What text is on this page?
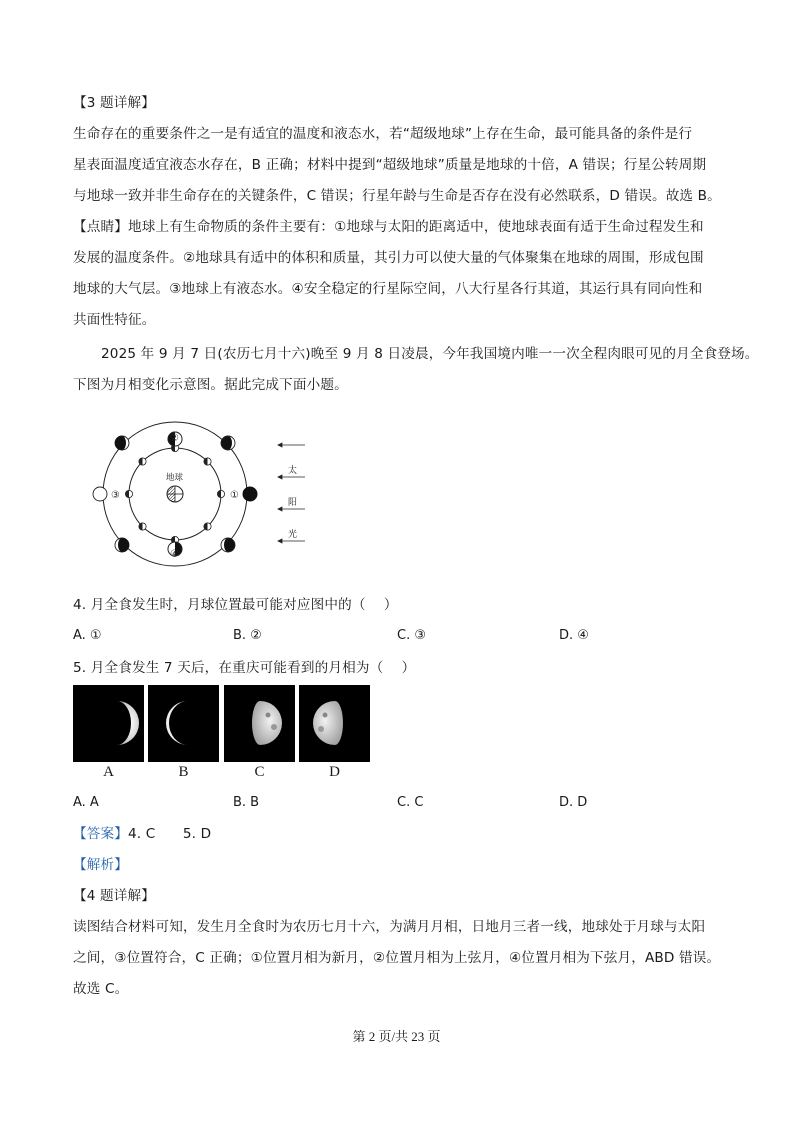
【3 题详解】
生命存在的重要条件之一是有适宜的温度和液态水，若“超级地球”上存在生命，最可能具备的条件是行
星表面温度适宜液态水存在，B 正确；材料中提到“超级地球”质量是地球的十倍，A 错误；行星公转周期
与地球一致并非生命存在的关键条件，C 错误；行星年龄与生命是否存在没有必然联系，D 错误。故选 B。
【点睛】地球上有生命物质的条件主要有：①地球与太阳的距离适中，使地球表面有适于生命过程发生和
发展的温度条件。②地球具有适中的体积和质量，其引力可以使大量的气体聚集在地球的周围，形成包围
地球的大气层。③地球上有液态水。④安全稳定的行星际空间，八大行星各行其道，其运行具有同向性和
共面性特征。
2025 年 9 月 7 日(农历七月十六)晚至 9 月 8 日凌晨，今年我国境内唯一一次全程肉眼可见的月全食登场。
下图为月相变化示意图。据此完成下面小题。
地球
①
②
③
④
太
阳
光
4. 月全食发生时，月球位置最可能对应图中的（　 ）
A. ①	B. ②	C. ③	D. ④
5. 月全食发生 7 天后，在重庆可能看到的月相为（　 ）
A	B	C	D
A. A	B. B	C. C	D. D
【答案】4. C　　5. D
【解析】
【4 题详解】
读图结合材料可知，发生月全食时为农历七月十六，为满月月相，日地月三者一线，地球处于月球与太阳
之间，③位置符合，C 正确；①位置月相为新月，②位置月相为上弦月，④位置月相为下弦月，ABD 错误。
故选 C。
第 2 页/共 23 页
